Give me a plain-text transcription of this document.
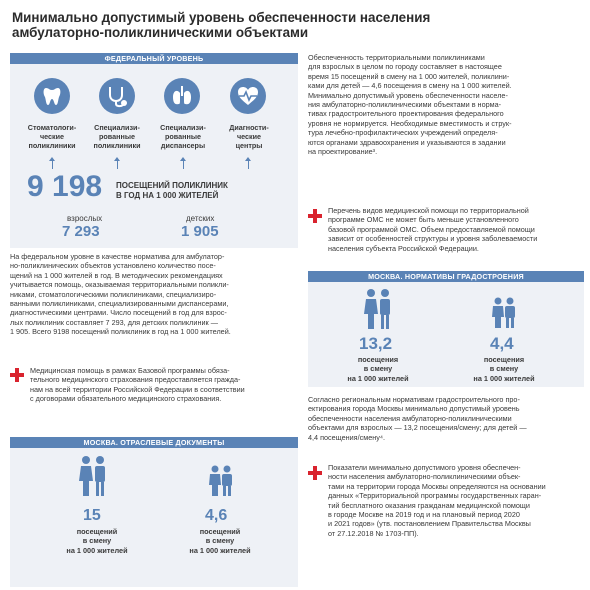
Минимально допустимый уровень обеспеченности населения
амбулаторно-поликлиническими объектами
ФЕДЕРАЛЬНЫЙ УРОВЕНЬ
Стоматологи-
ческие
поликлиники
Специализи-
рованные
поликлиники
Специализи-
рованные
диспансеры
Диагности-
ческие
центры
9 198 ПОСЕЩЕНИЙ ПОЛИКЛИНИК
В ГОД НА 1 000 ЖИТЕЛЕЙ
взрослых
7 293
детских
1 905
На федеральном уровне в качестве норматива для амбулатор-
но-поликлинических объектов установлено количество посе-
щений на 1 000 жителей в год. В методических рекомендациях
учитывается помощь, оказываемая территориальными поликли-
никами, стоматологическими поликлиниками, специализиро-
ванными поликлиниками, специализированными диспансерами,
диагностическими центрами. Число посещений в год для взрос-
лых поликлиник составляет 7 293, для детских поликлиник —
1 905. Всего 9198 посещений поликлиник в год на 1 000 жителей.
Медицинская помощь в рамках Базовой программы обяза-
тельного медицинского страхования предоставляется гражда-
нам на всей территории Российской Федерации в соответствии
с договорами обязательного медицинского страхования.
МОСКВА. ОТРАСЛЕВЫЕ ДОКУМЕНТЫ
15	4,6
посещений
в смену
на 1 000 жителей
посещений
в смену
на 1 000 жителей
Обеспеченность территориальными поликлиниками
для взрослых в целом по городу составляет в настоящее
время 15 посещений в смену на 1 000 жителей, поликлини-
ками для детей — 4,6 посещения в смену на 1 000 жителей.
Минимально допустимый уровень обеспеченности населе-
ния амбулаторно-поликлиническими объектами в норма-
тивах градостроительного проектирования федерального
уровня не нормируется. Необходимые вместимость и струк-
тура лечебно-профилактических учреждений определя-
ются органами здравоохранения и указываются в задании
на проектирование³.
Перечень видов медицинской помощи по территориальной
программе ОМС не может быть меньше установленного
базовой программой ОМС. Объем предоставляемой помощи
зависит от особенностей структуры и уровня заболеваемости
населения субъекта Российской Федерации.
МОСКВА. НОРМАТИВЫ ГРАДОСТРОЕНИЯ
13,2	4,4
посещения
в смену
на 1 000 жителей
посещения
в смену
на 1 000 жителей
Согласно региональным нормативам градостроительного про-
ектирования города Москвы минимально допустимый уровень
обеспеченности населения амбулаторно-поликлиническими
объектами для взрослых — 13,2 посещения/смену; для детей —
4,4 посещения/смену⁴.
Показатели минимально допустимого уровня обеспечен-
ности населения амбулаторно-поликлиническими объек-
тами на территории города Москвы определяются на основании
данных «Территориальной программы государственных гаран-
тий бесплатного оказания гражданам медицинской помощи
в городе Москве на 2019 год и на плановый период 2020
и 2021 годов» (утв. постановлением Правительства Москвы
от 27.12.2018 № 1703-ПП).
